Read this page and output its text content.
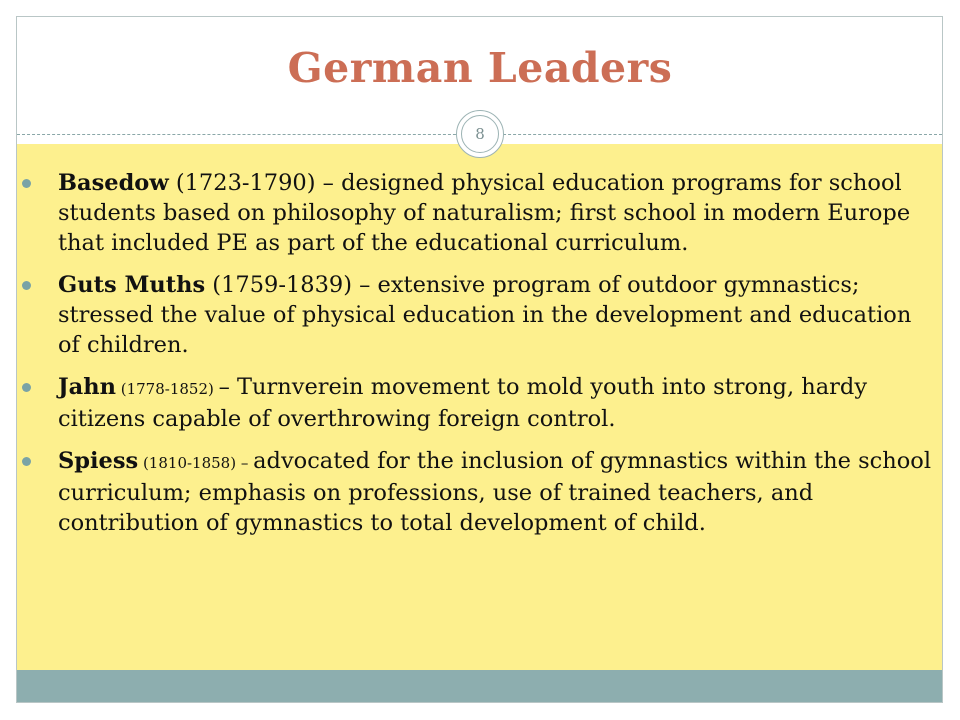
German Leaders
8
Basedow (1723-1790) – designed physical education programs for school students based on philosophy of naturalism; first school in modern Europe that included PE as part of the educational curriculum.
Guts Muths (1759-1839) – extensive program of outdoor gymnastics; stressed the value of physical education in the development and education of children.
Jahn (1778-1852) – Turnverein movement to mold youth into strong, hardy citizens capable of overthrowing foreign control.
Spiess (1810-1858) – advocated for the inclusion of gymnastics within the school curriculum; emphasis on professions, use of trained teachers, and contribution of gymnastics to total development of child.
